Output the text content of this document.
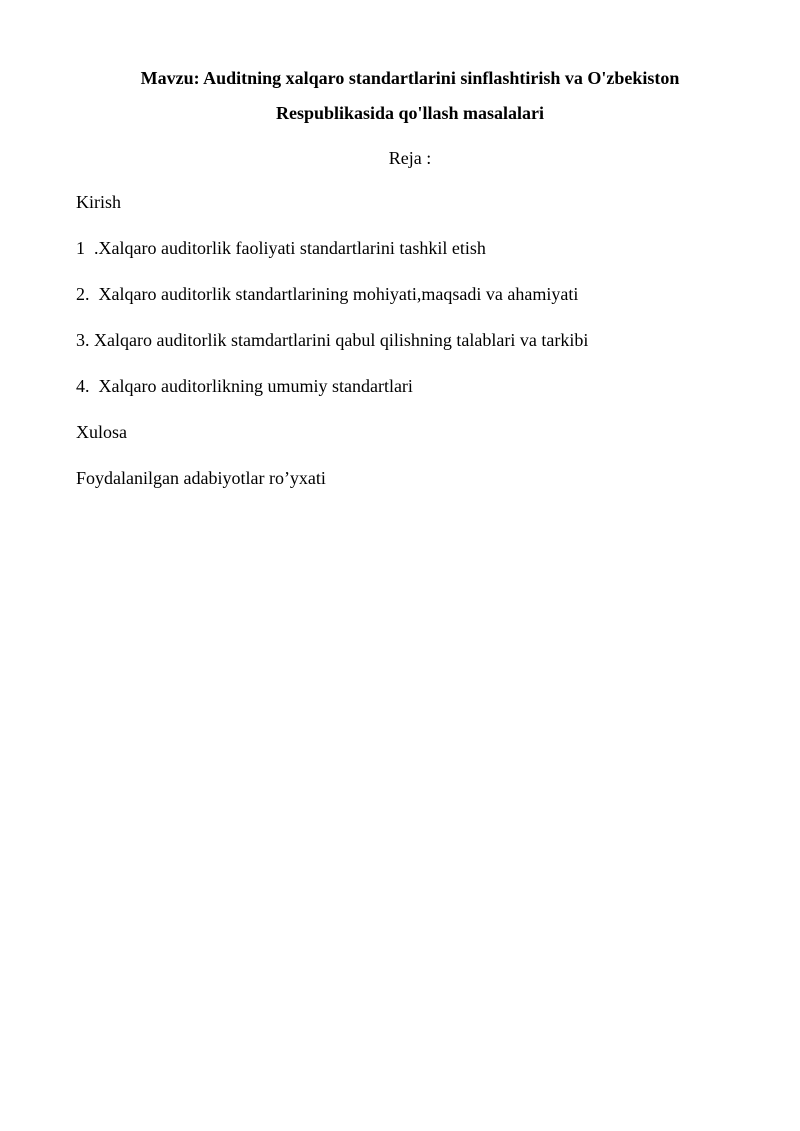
Mavzu: Auditning xalqaro standartlarini sinflashtirish va O'zbekiston
Respublikasida qo'llash masalalari
Reja :
Kirish
1  .Xalqaro auditorlik faoliyati standartlarini tashkil etish
2.  Xalqaro auditorlik standartlarining mohiyati,maqsadi va ahamiyati
3. Xalqaro auditorlik stamdartlarini qabul qilishning talablari va tarkibi
4.  Xalqaro auditorlikning umumiy standartlari
Xulosa
Foydalanilgan adabiyotlar ro’yxati
